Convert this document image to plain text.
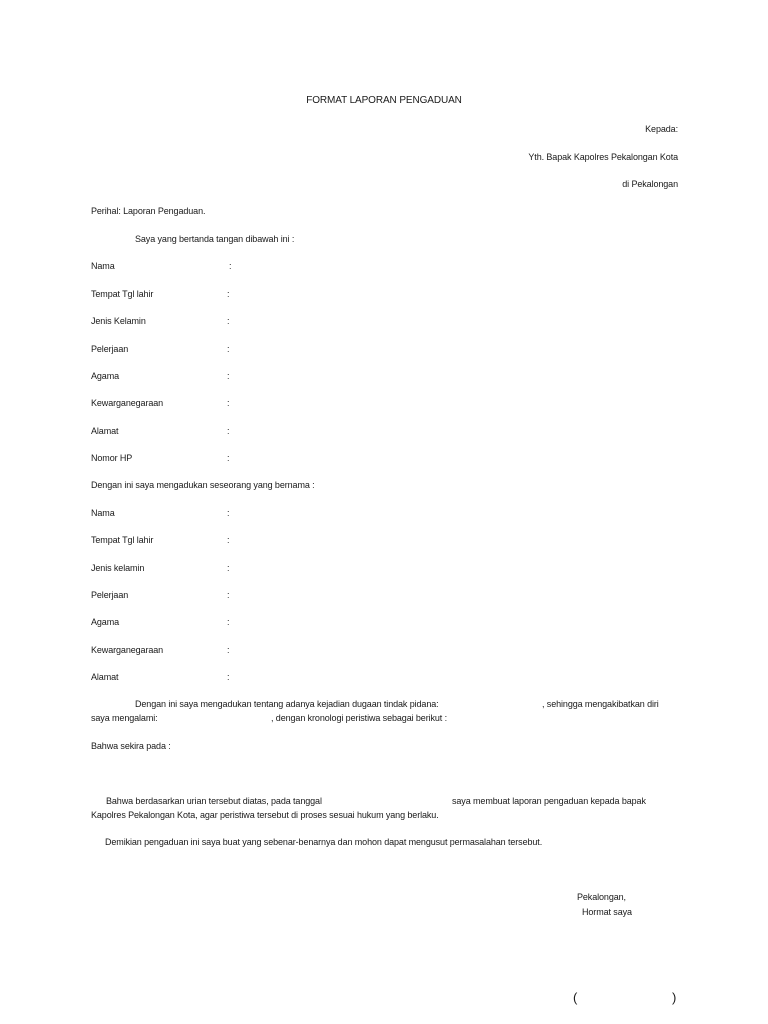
FORMAT LAPORAN PENGADUAN
Kepada:
Yth. Bapak Kapolres Pekalongan Kota
di Pekalongan
Perihal: Laporan Pengaduan.
Saya yang bertanda tangan dibawah ini :
Nama	:
Tempat Tgl lahir	:
Jenis Kelamin	:
Pelerjaan	:
Agama	:
Kewarganegaraan	:
Alamat	:
Nomor HP	:
Dengan ini saya mengadukan seseorang yang bernama :
Nama	:
Tempat Tgl lahir	:
Jenis kelamin	:
Pelerjaan	:
Agama	:
Kewarganegaraan	:
Alamat	:
Dengan ini saya mengadukan tentang adanya kejadian dugaan tindak pidana:	, sehingga mengakibatkan diri
saya mengalami:	, dengan kronologi peristiwa sebagai berikut :
Bahwa sekira pada :
Bahwa berdasarkan urian tersebut diatas, pada tanggal	saya membuat laporan pengaduan kepada bapak
Kapolres Pekalongan Kota, agar peristiwa tersebut di proses sesuai hukum yang berlaku.
Demikian pengaduan ini saya buat yang sebenar-benarnya dan mohon dapat mengusut permasalahan tersebut.
Pekalongan,
Hormat saya
(	)
